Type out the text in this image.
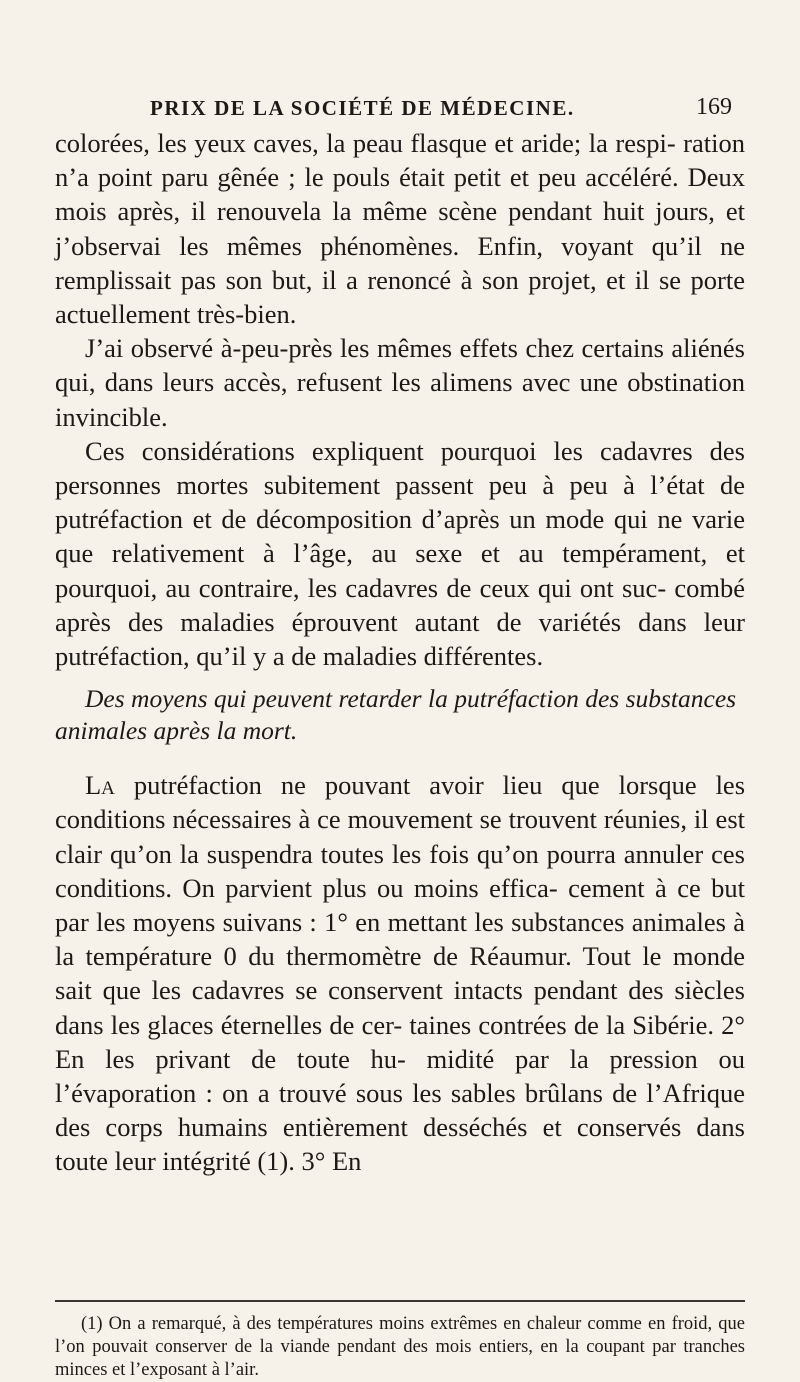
PRIX DE LA SOCIÉTÉ DE MÉDECINE.	169

colorées, les yeux caves, la peau flasque et aride; la respi- ration n’a point paru gênée ; le pouls était petit et peu accéléré. Deux mois après, il renouvela la même scène pendant huit jours, et j’observai les mêmes phénomènes. Enfin, voyant qu’il ne remplissait pas son but, il a renoncé à son projet, et il se porte actuellement très-bien.

J’ai observé à-peu-près les mêmes effets chez certains aliénés qui, dans leurs accès, refusent les alimens avec une obstination invincible.

Ces considérations expliquent pourquoi les cadavres des personnes mortes subitement passent peu à peu à l’état de putréfaction et de décomposition d’après un mode qui ne varie que relativement à l’âge, au sexe et au tempérament, et pourquoi, au contraire, les cadavres de ceux qui ont suc- combé après des maladies éprouvent autant de variétés dans leur putréfaction, qu’il y a de maladies différentes.

Des moyens qui peuvent retarder la putréfaction des substances animales après la mort.

La putréfaction ne pouvant avoir lieu que lorsque les conditions nécessaires à ce mouvement se trouvent réunies, il est clair qu’on la suspendra toutes les fois qu’on pourra annuler ces conditions. On parvient plus ou moins effica- cement à ce but par les moyens suivans : 1° en mettant les substances animales à la température 0 du thermomètre de Réaumur. Tout le monde sait que les cadavres se conservent intacts pendant des siècles dans les glaces éternelles de cer- taines contrées de la Sibérie. 2° En les privant de toute hu- midité par la pression ou l’évaporation : on a trouvé sous les sables brûlans de l’Afrique des corps humains entièrement desséchés et conservés dans toute leur intégrité (1). 3° En

(1) On a remarqué, à des températures moins extrêmes en chaleur comme en froid, que l’on pouvait conserver de la viande pendant des mois entiers, en la coupant par tranches minces et l’exposant à l’air.
